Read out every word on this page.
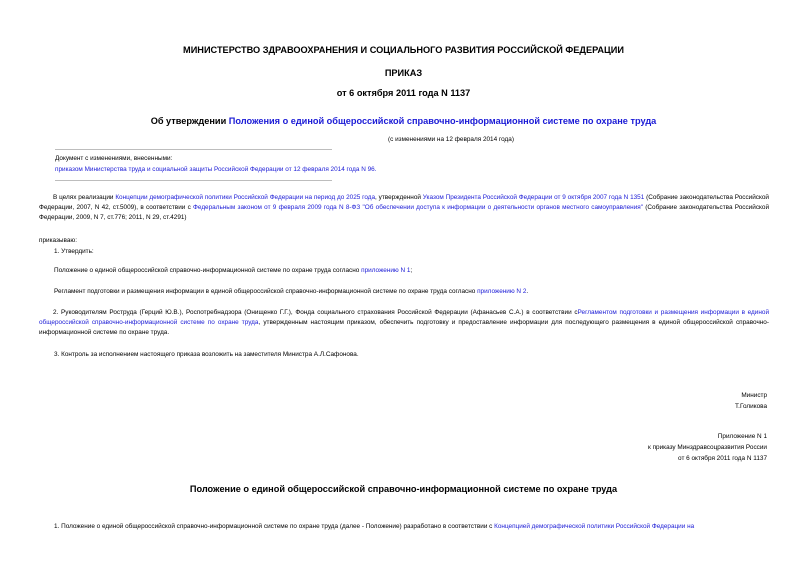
МИНИСТЕРСТВО ЗДРАВООХРАНЕНИЯ И СОЦИАЛЬНОГО РАЗВИТИЯ РОССИЙСКОЙ ФЕДЕРАЦИИ
ПРИКАЗ
от 6 октября 2011 года N 1137
Об утверждении Положения о единой общероссийской справочно-информационной системе по охране труда
(с изменениями на 12 февраля 2014 года)
Документ с изменениями, внесенными:
приказом Министерства труда и социальной защиты Российской Федерации от 12 февраля 2014 года N 96.
В целях реализации Концепции демографической политики Российской Федерации на период до 2025 года, утвержденной Указом Президента Российской Федерации от 9 октября 2007 года N 1351 (Собрание законодательства Российской Федерации, 2007, N 42, ст.5009), в соответствии с Федеральным законом от 9 февраля 2009 года N 8-ФЗ "Об обеспечении доступа к информации о деятельности органов местного самоуправления" (Собрание законодательства Российской Федерации, 2009, N 7, ст.776; 2011, N 29, ст.4291)
приказываю:
1. Утвердить:
Положение о единой общероссийской справочно-информационной системе по охране труда согласно приложению N 1;
Регламент подготовки и размещения информации в единой общероссийской справочно-информационной системе по охране труда согласно приложению N 2.
2. Руководителям Роструда (Герций Ю.В.), Роспотребнадзора (Онищенко Г.Г.), Фонда социального страхования Российской Федерации (Афанасьев С.А.) в соответствии сРегламентом подготовки и размещения информации в единой общероссийской справочно-информационной системе по охране труда, утвержденным настоящим приказом, обеспечить подготовку и предоставление информации для последующего размещения в единой общероссийской справочно-информационной системе по охране труда.
3. Контроль за исполнением настоящего приказа возложить на заместителя Министра А.Л.Сафонова.
Министр
Т.Голикова
Приложение N 1
к приказу Минздравсоцразвития России
от 6 октября 2011 года N 1137
Положение о единой общероссийской справочно-информационной системе по охране труда
1. Положение о единой общероссийской справочно-информационной системе по охране труда (далее - Положение) разработано в соответствии с Концепцией демографической политики Российской Федерации на
